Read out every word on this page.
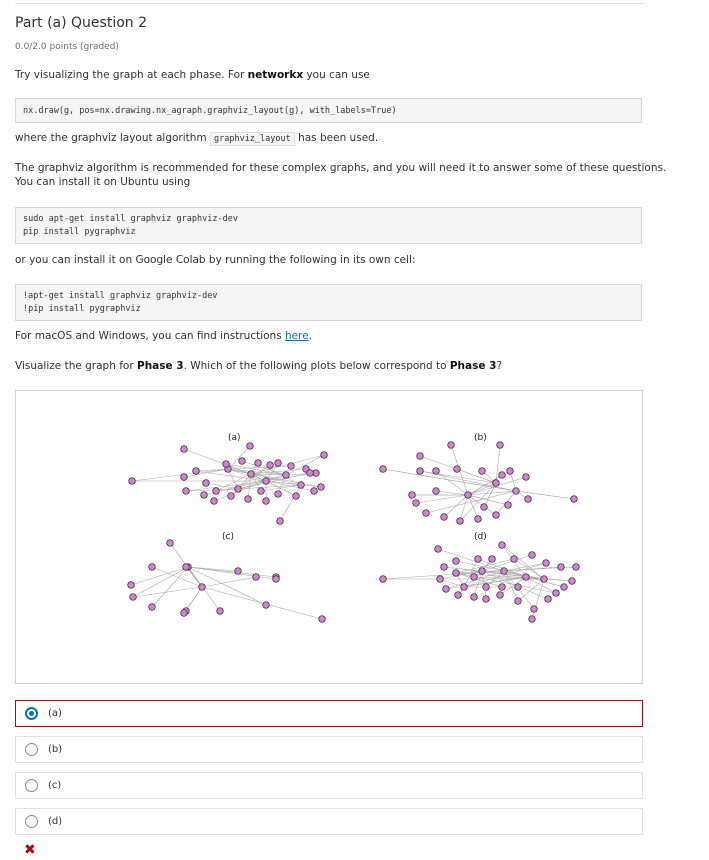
Part (a) Question 2
0.0/2.0 points (graded)
Try visualizing the graph at each phase. For networkx you can use
nx.draw(g, pos=nx.drawing.nx_agraph.graphviz_layout(g), with_labels=True)
where the graphviz layout algorithm graphviz_layout has been used.
The graphviz algorithm is recommended for these complex graphs, and you will need it to answer some of these questions.
You can install it on Ubuntu using
sudo apt-get install graphviz graphviz-dev
pip install pygraphviz
or you can install it on Google Colab by running the following in its own cell:
!apt-get install graphviz graphviz-dev
!pip install pygraphviz
For macOS and Windows, you can find instructions here.
Visualize the graph for Phase 3. Which of the following plots below correspond to Phase 3?
(a)	(b)
(c)	(d)
(a)
(b)
(c)
(d)
✖
